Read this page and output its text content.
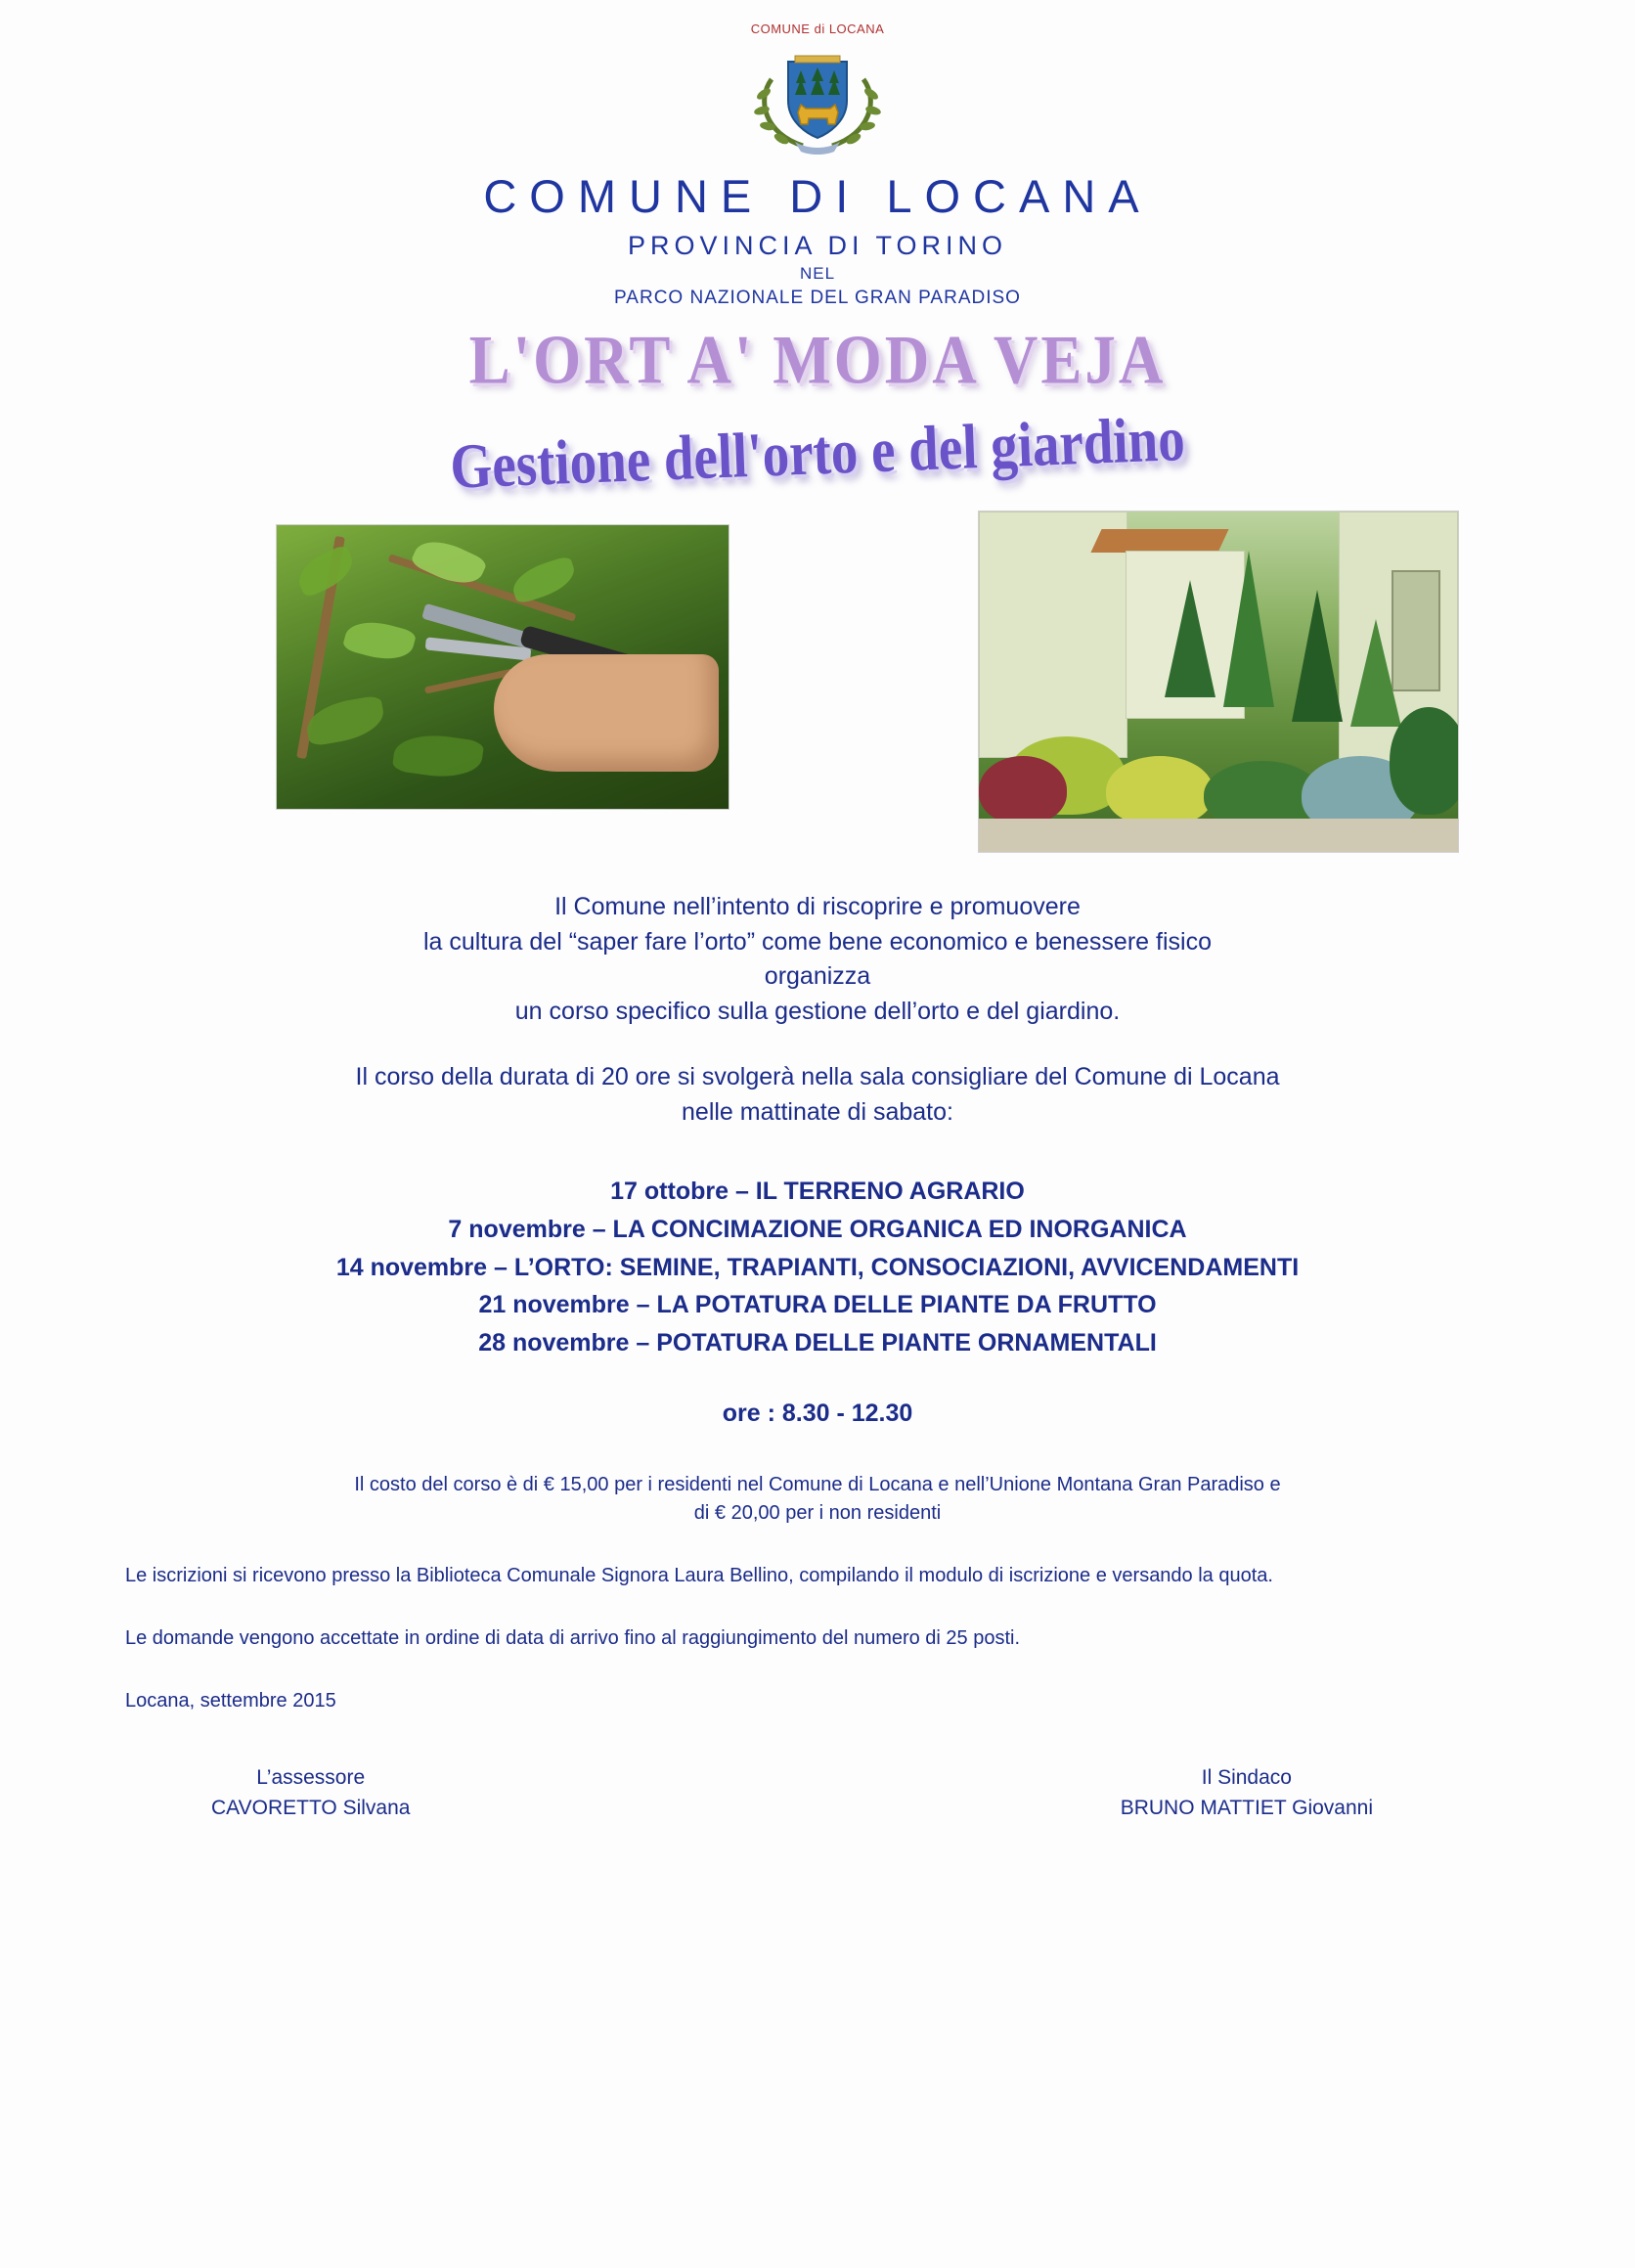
COMUNE di LOCANA
COMUNE DI LOCANA
PROVINCIA DI TORINO
NEL
PARCO NAZIONALE DEL GRAN PARADISO
L'ORT A' MODA VEJA
Gestione dell'orto e del giardino
Il Comune nell’intento di riscoprire e promuovere
la cultura del “saper fare l’orto” come bene economico e benessere fisico
organizza
un corso specifico sulla gestione dell’orto e del giardino.
Il corso della durata di 20 ore si svolgerà nella sala consigliare del Comune di Locana
nelle mattinate di sabato:
17 ottobre – IL TERRENO AGRARIO
7 novembre – LA CONCIMAZIONE ORGANICA ED INORGANICA
14 novembre – L’ORTO: SEMINE, TRAPIANTI, CONSOCIAZIONI, AVVICENDAMENTI
21 novembre – LA POTATURA DELLE PIANTE DA FRUTTO
28 novembre – POTATURA DELLE PIANTE ORNAMENTALI
ore : 8.30 - 12.30
Il costo del corso è di € 15,00 per i residenti nel Comune di Locana e nell’Unione Montana Gran Paradiso e
di € 20,00 per i non residenti
Le iscrizioni si ricevono presso la Biblioteca Comunale Signora Laura Bellino, compilando il modulo di iscrizione e versando la quota.
Le domande vengono accettate in ordine di data di arrivo fino al raggiungimento del numero di 25 posti.
Locana, settembre 2015
L’assessore
CAVORETTO Silvana
Il Sindaco
BRUNO MATTIET Giovanni
